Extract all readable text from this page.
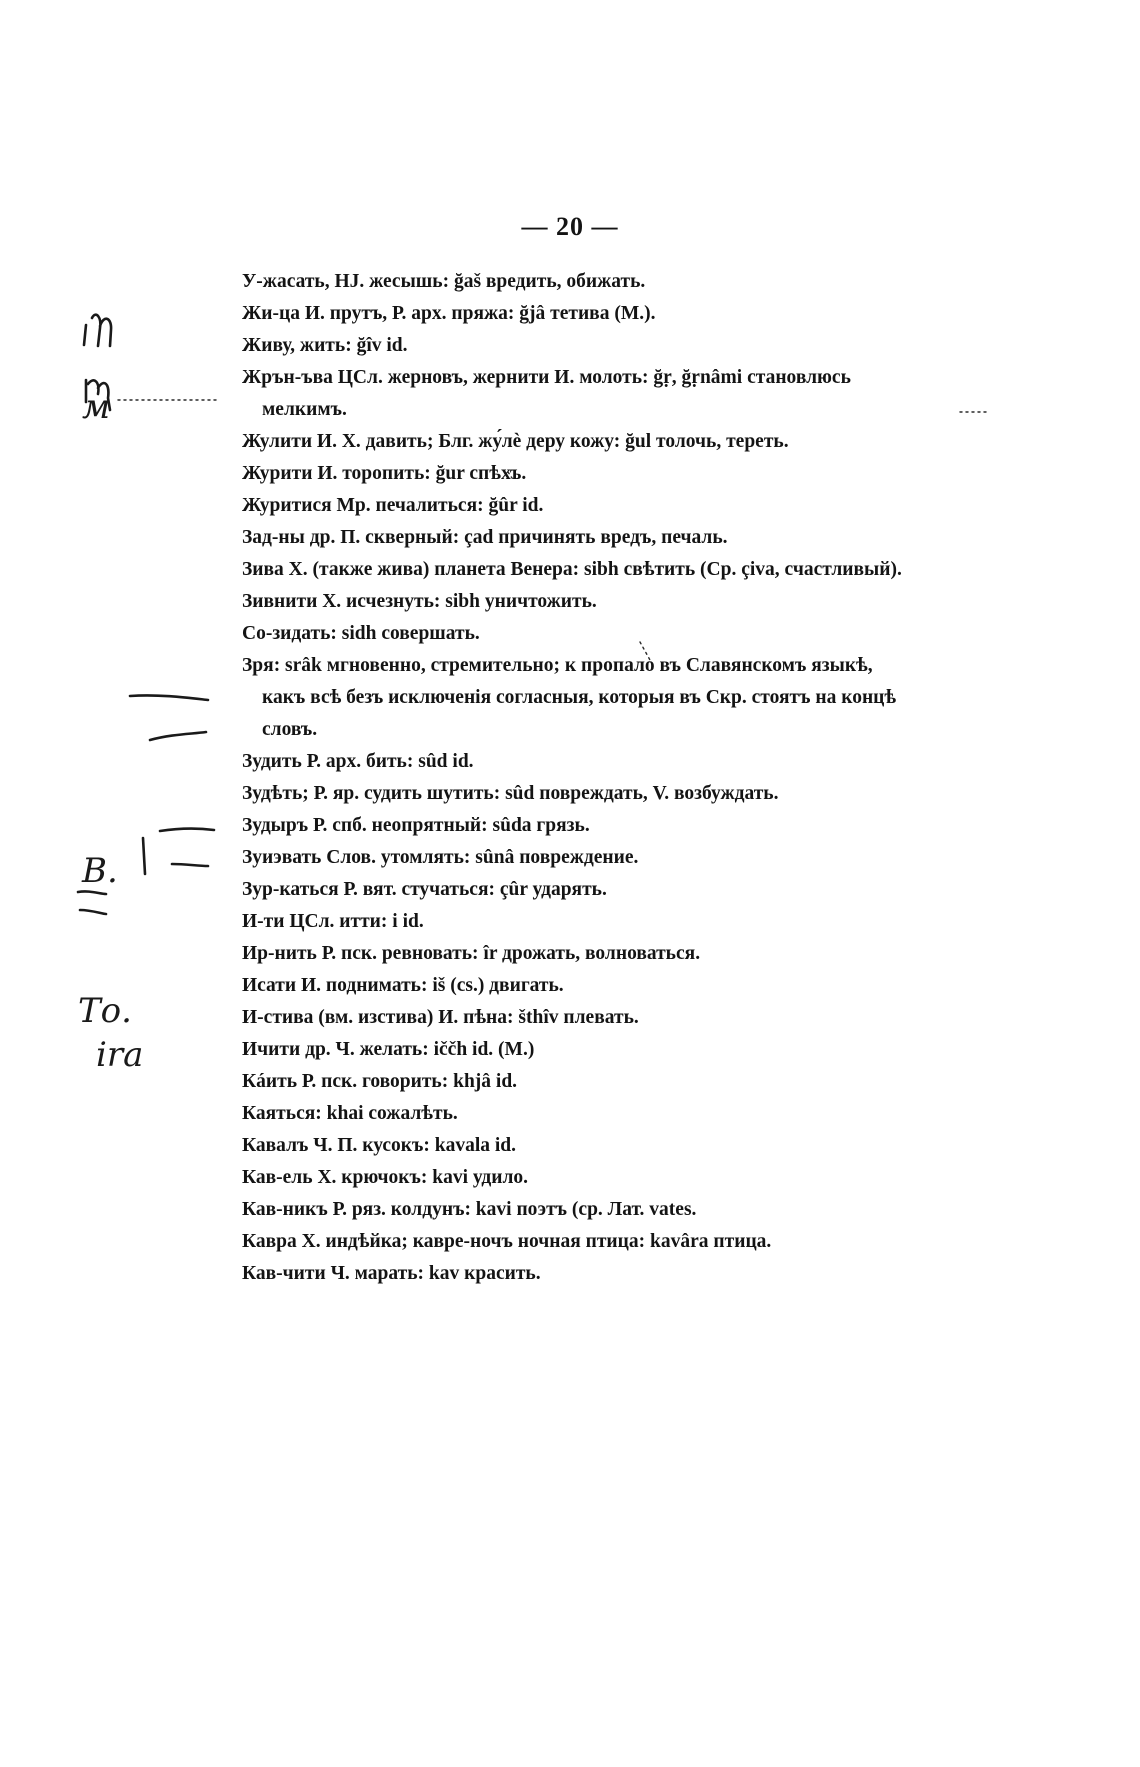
— 20 —

У-жасать, НЈ. жесышь: ğaš вредить, обижать.

Жи-ца И. прутъ, Р. арх. пряжа: ğjâ тетива (М.).

Живу, жить: ğîv id.

Жрън-ъва ЦСл. жерновъ, жернити И. молоть: ğṛ, ğṛnâmi становлюсь мелкимъ.

Жулити И. Х. давить; Блг. жу́лѐ деру кожу: ğul толочь, тереть.

Журити И. торопить: ğur спѣхъ.

Журитися Мр. печалиться: ğûr id.

Зад-ны др. П. скверный: çad причинять вредъ, печаль.

Зива Х. (также жива) планета Венера: sibh свѣтить (Ср. çiva, счастливый).

Зивнити Х. исчезнуть: sibh уничтожить.

Со-зидать: sidh совершать.

Зря: srâk мгновенно, стремительно; к пропало въ Славянскомъ языкѣ, какъ всѣ безъ исключенія согласныя, которыя въ Скр. стоятъ на концѣ словъ.

Зудить Р. арх. бить: sûd id.

Зудѣть; Р. яр. судить шутить: sûd повреждать, V. возбуждать.

Зудыръ Р. спб. неопрятный: sûda грязь.

Зуиэвать Слов. утомлять: sûnâ повреждение.

Зур-каться Р. вят. стучаться: çûr ударять.

И-ти ЦСл. итти: i id.

Ир-нить Р. пск. ревновать: îr дрожать, волноваться.

Исати И. поднимать: iš (cs.) двигать.

И-стива (вм. изстива) И. пѣна: šthîv плевать.

Ичити др. Ч. желать: iččh id. (М.)

Кáить Р. пск. говорить: khjâ id.

Каяться: khai сожалѣть.

Кавалъ Ч. П. кусокъ: kavala id.

Кав-ель Х. крючокъ: kavi удило.

Кав-никъ Р. ряз. колдунъ: kavi поэтъ (ср. Лат. vates.

Кавра Х. индѣйка; кавре-ночъ ночная птица: kavâra птица.

Кав-чити Ч. марать: kav красить.

м
В.
То.
ira
